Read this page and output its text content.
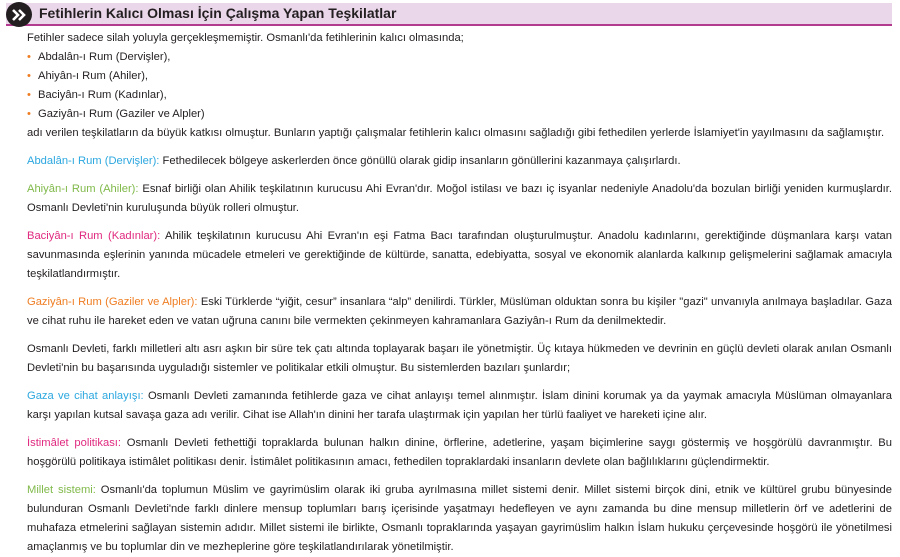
Fetihlerin Kalıcı Olması İçin Çalışma Yapan Teşkilatlar

Fetihler sadece silah yoluyla gerçekleşmemiştir. Osmanlı'da fetihlerinin kalıcı olmasında;

• Abdalân-ı Rum (Dervişler),
• Ahiyân-ı Rum (Ahiler),
• Baciyân-ı Rum (Kadınlar),
• Gaziyân-ı Rum (Gaziler ve Alpler)

adı verilen teşkilatların da büyük katkısı olmuştur. Bunların yaptığı çalışmalar fetihlerin kalıcı olmasını sağladığı gibi fethedilen yerlerde İslamiyet'in yayılmasını da sağlamıştır.

Abdalân-ı Rum (Dervişler): Fethedilecek bölgeye askerlerden önce gönüllü olarak gidip insanların gönüllerini kazanmaya çalışırlardı.

Ahiyân-ı Rum (Ahiler): Esnaf birliği olan Ahilik teşkilatının kurucusu Ahi Evran'dır. Moğol istilası ve bazı iç isyanlar nedeniyle Anadolu'da bozulan birliği yeniden kurmuşlardır. Osmanlı Devleti'nin kuruluşunda büyük rolleri olmuştur.

Baciyân-ı Rum (Kadınlar): Ahilik teşkilatının kurucusu Ahi Evran'ın eşi Fatma Bacı tarafından oluşturulmuştur. Anadolu kadınlarını, gerektiğinde düşmanlara karşı vatan savunmasında eşlerinin yanında mücadele etmeleri ve gerektiğinde de kültürde, sanatta, edebiyatta, sosyal ve ekonomik alanlarda kalkınıp gelişmelerini sağlamak amacıyla teşkilatlandırmıştır.

Gaziyân-ı Rum (Gaziler ve Alpler): Eski Türklerde “yiğit, cesur” insanlara “alp” denilirdi. Türkler, Müslüman olduktan sonra bu kişiler "gazi" unvanıyla anılmaya başladılar. Gaza ve cihat ruhu ile hareket eden ve vatan uğruna canını bile vermekten çekinmeyen kahramanlara Gaziyân-ı Rum da denilmektedir.

Osmanlı Devleti, farklı milletleri altı asrı aşkın bir süre tek çatı altında toplayarak başarı ile yönetmiştir. Üç kıtaya hükmeden ve devrinin en güçlü devleti olarak anılan Osmanlı Devleti'nin bu başarısında uyguladığı sistemler ve politikalar etkili olmuştur. Bu sistemlerden bazıları şunlardır;

Gaza ve cihat anlayışı: Osmanlı Devleti zamanında fetihlerde gaza ve cihat anlayışı temel alınmıştır. İslam dinini korumak ya da yaymak amacıyla Müslüman olmayanlara karşı yapılan kutsal savaşa gaza adı verilir. Cihat ise Allah'ın dinini her tarafa ulaştırmak için yapılan her türlü faaliyet ve hareketi içine alır.

İstimâlet politikası: Osmanlı Devleti fethettiği topraklarda bulunan halkın dinine, örflerine, adetlerine, yaşam biçimlerine saygı göstermiş ve hoşgörülü davranmıştır. Bu hoşgörülü politikaya istimâlet politikası denir. İstimâlet politikasının amacı, fethedilen topraklardaki insanların devlete olan bağlılıklarını güçlendirmektir.

Millet sistemi: Osmanlı'da toplumun Müslim ve gayrimüslim olarak iki gruba ayrılmasına millet sistemi denir. Millet sistemi birçok dini, etnik ve kültürel grubu bünyesinde bulunduran Osmanlı Devleti'nde farklı dinlere mensup toplumları barış içerisinde yaşatmayı hedefleyen ve aynı zamanda bu dine mensup milletlerin örf ve adetlerini de muhafaza etmelerini sağlayan sistemin adıdır. Millet sistemi ile birlikte, Osmanlı topraklarında yaşayan gayrimüslim halkın İslam hukuku çerçevesinde hoşgörü ile yönetilmesi amaçlanmış ve bu toplumlar din ve mezheplerine göre teşkilatlandırılarak yönetilmiştir.
